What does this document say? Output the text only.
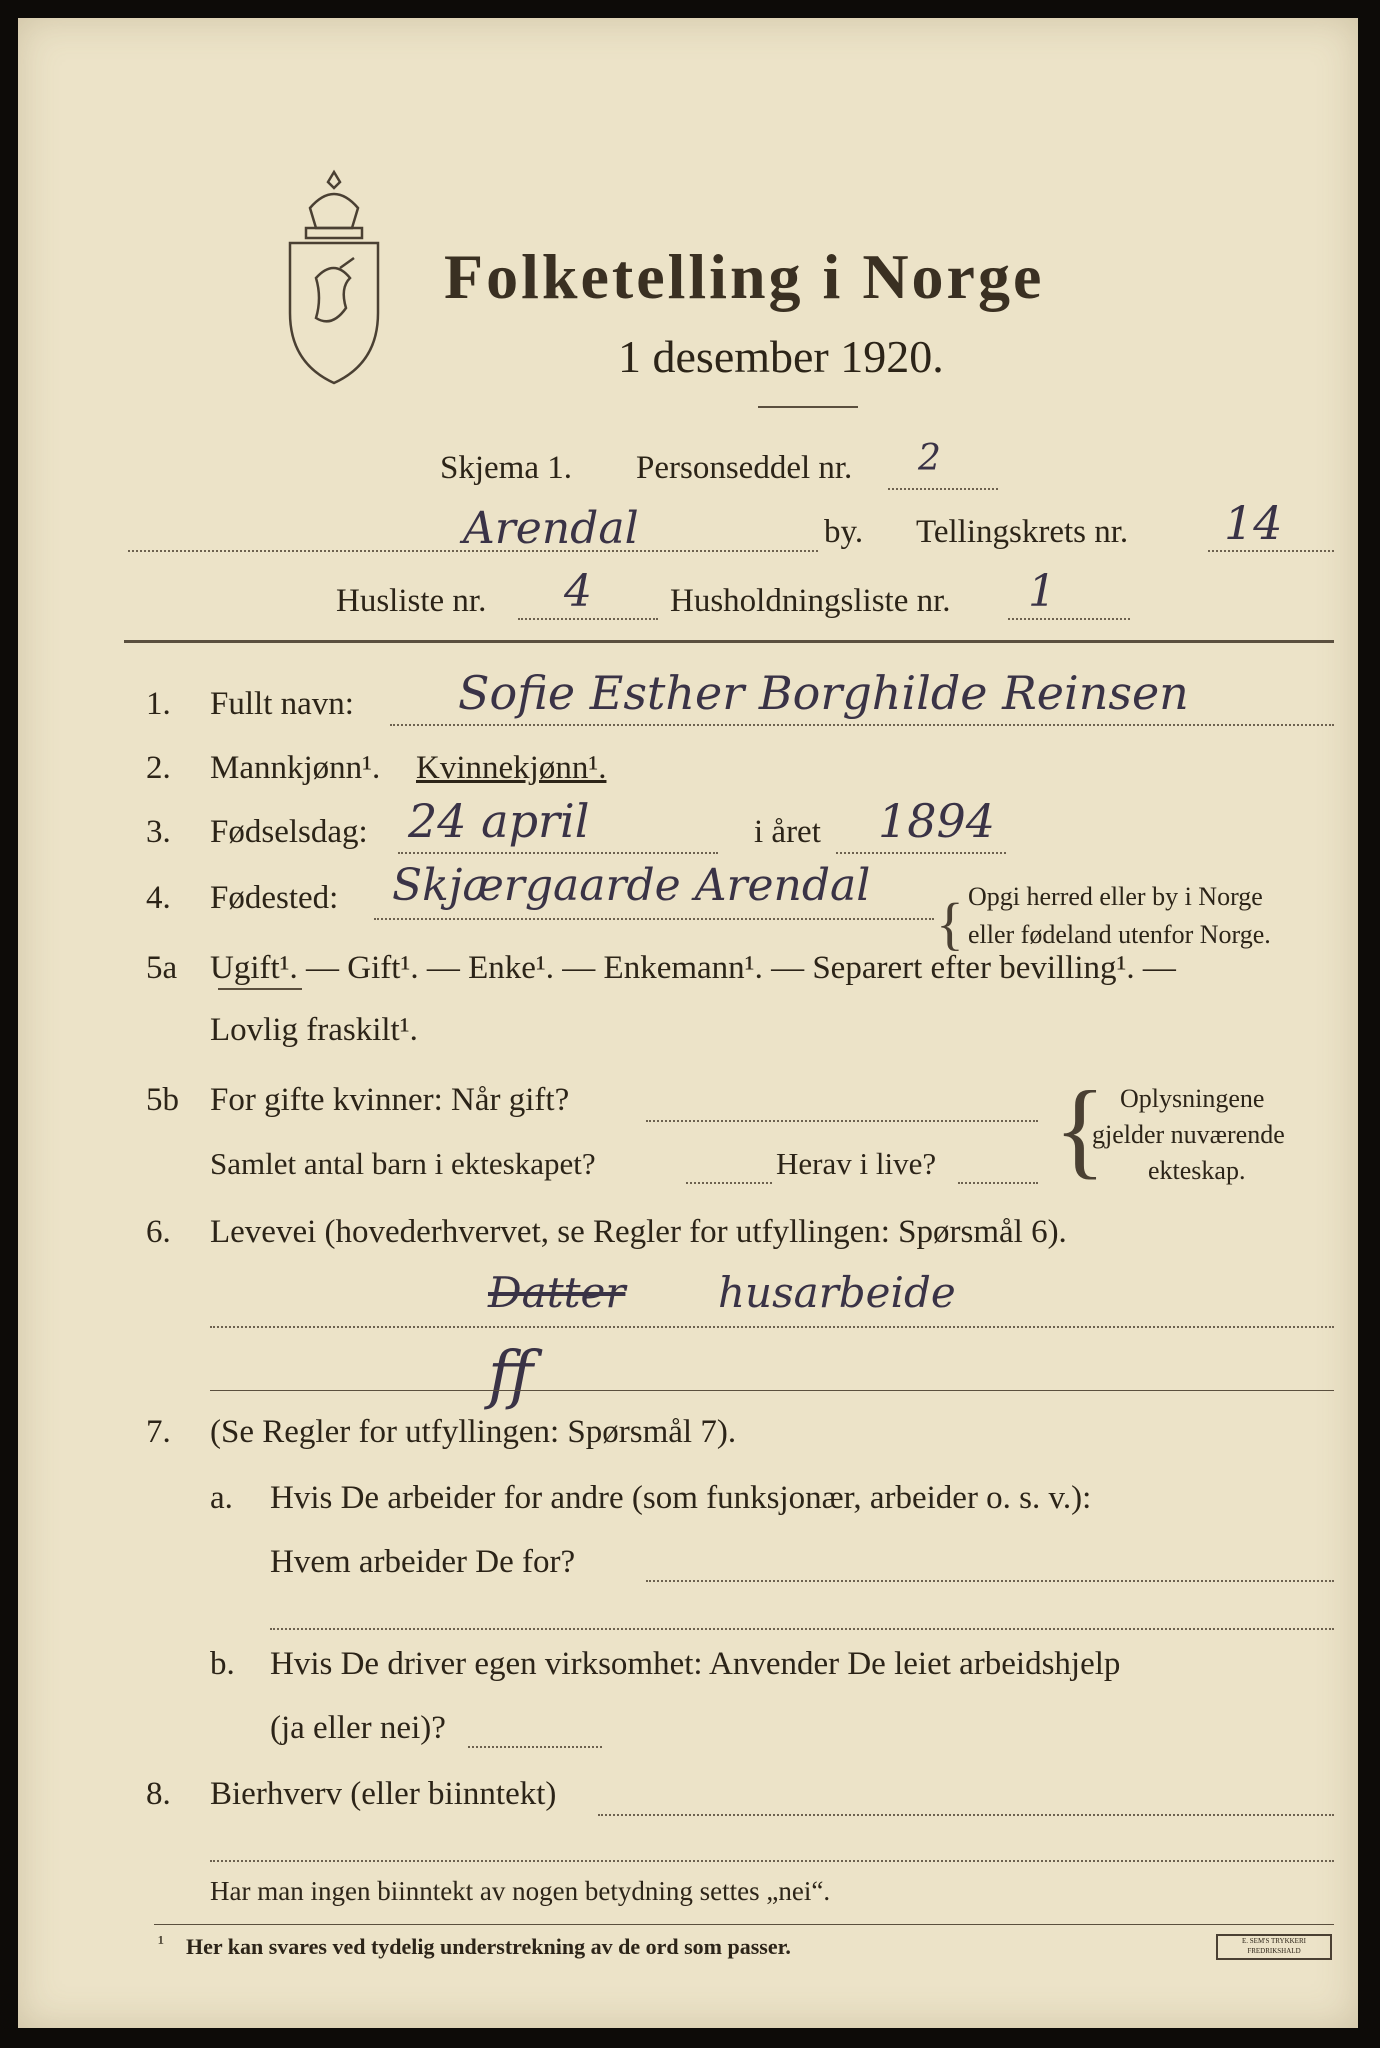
Folketelling i Norge
1 desember 1920.
Skjema 1. Personseddel nr. 2
Arendal	by. Tellingskrets nr. 14
Husliste nr. 4 Husholdningsliste nr. 1
1. Fullt navn: Sofie Esther Borghilde Reinsen
2. Mannkjønn¹. Kvinnekjønn¹.
3. Fødselsdag: 24 april	i året 1894
4. Fødested: Skjærgaarde Arendal
{ Opgi herred eller by i Norge
eller fødeland utenfor Norge.
5a Ugift¹. — Gift¹. — Enke¹. — Enkemann¹. — Separert efter bevilling¹. —
Lovlig fraskilt¹.
5b For gifte kvinner: Når gift?
Samlet antal barn i ekteskapet?	Herav i live? { Oplysningene
gjelder nuværende
ekteskap.
6. Levevei (hovederhvervet, se Regler for utfyllingen: Spørsmål 6).
Datter husarbeide
ff
7. (Se Regler for utfyllingen: Spørsmål 7).
a. Hvis De arbeider for andre (som funksjonær, arbeider o. s. v.):
Hvem arbeider De for?
b. Hvis De driver egen virksomhet: Anvender De leiet arbeidshjelp
(ja eller nei)?
8. Bierhverv (eller biinntekt)
Har man ingen biinntekt av nogen betydning settes „nei“.
¹ Her kan svares ved tydelig understrekning av de ord som passer.	E. SEM'S TRYKKERI FREDRIKSHALD
